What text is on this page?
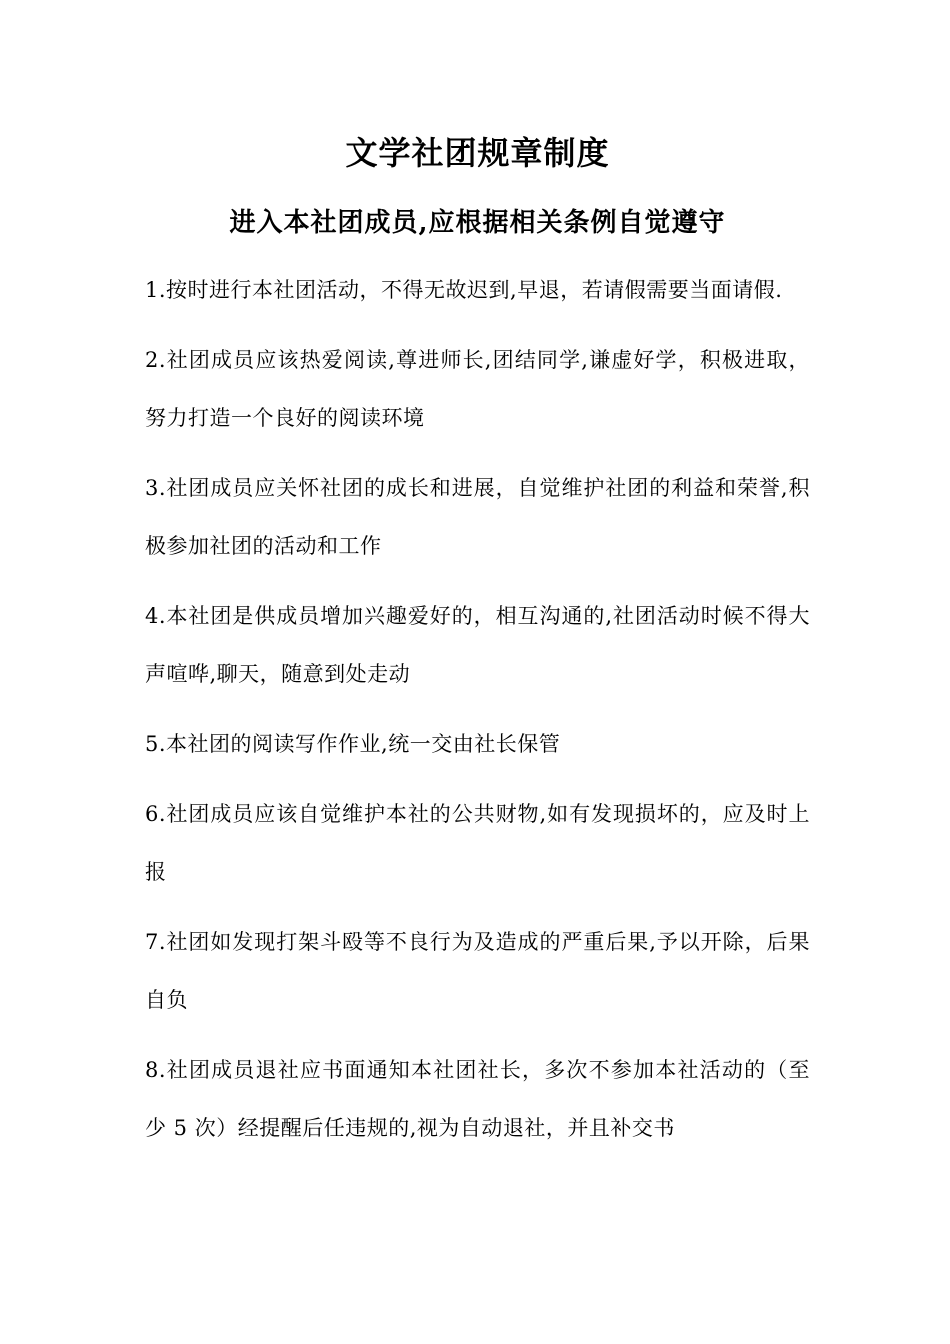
文学社团规章制度
进入本社团成员,应根据相关条例自觉遵守
1.按时进行本社团活动，不得无故迟到,早退，若请假需要当面请假.
2.社团成员应该热爱阅读,尊进师长,团结同学,谦虚好学，积极进取，努力打造一个良好的阅读环境
3.社团成员应关怀社团的成长和进展，自觉维护社团的利益和荣誉,积极参加社团的活动和工作
4.本社团是供成员增加兴趣爱好的，相互沟通的,社团活动时候不得大声喧哗,聊天，随意到处走动
5.本社团的阅读写作作业,统一交由社长保管
6.社团成员应该自觉维护本社的公共财物,如有发现损坏的，应及时上报
7.社团如发现打架斗殴等不良行为及造成的严重后果,予以开除，后果自负
8.社团成员退社应书面通知本社团社长，多次不参加本社活动的（至少 5 次）经提醒后任违规的,视为自动退社，并且补交书
